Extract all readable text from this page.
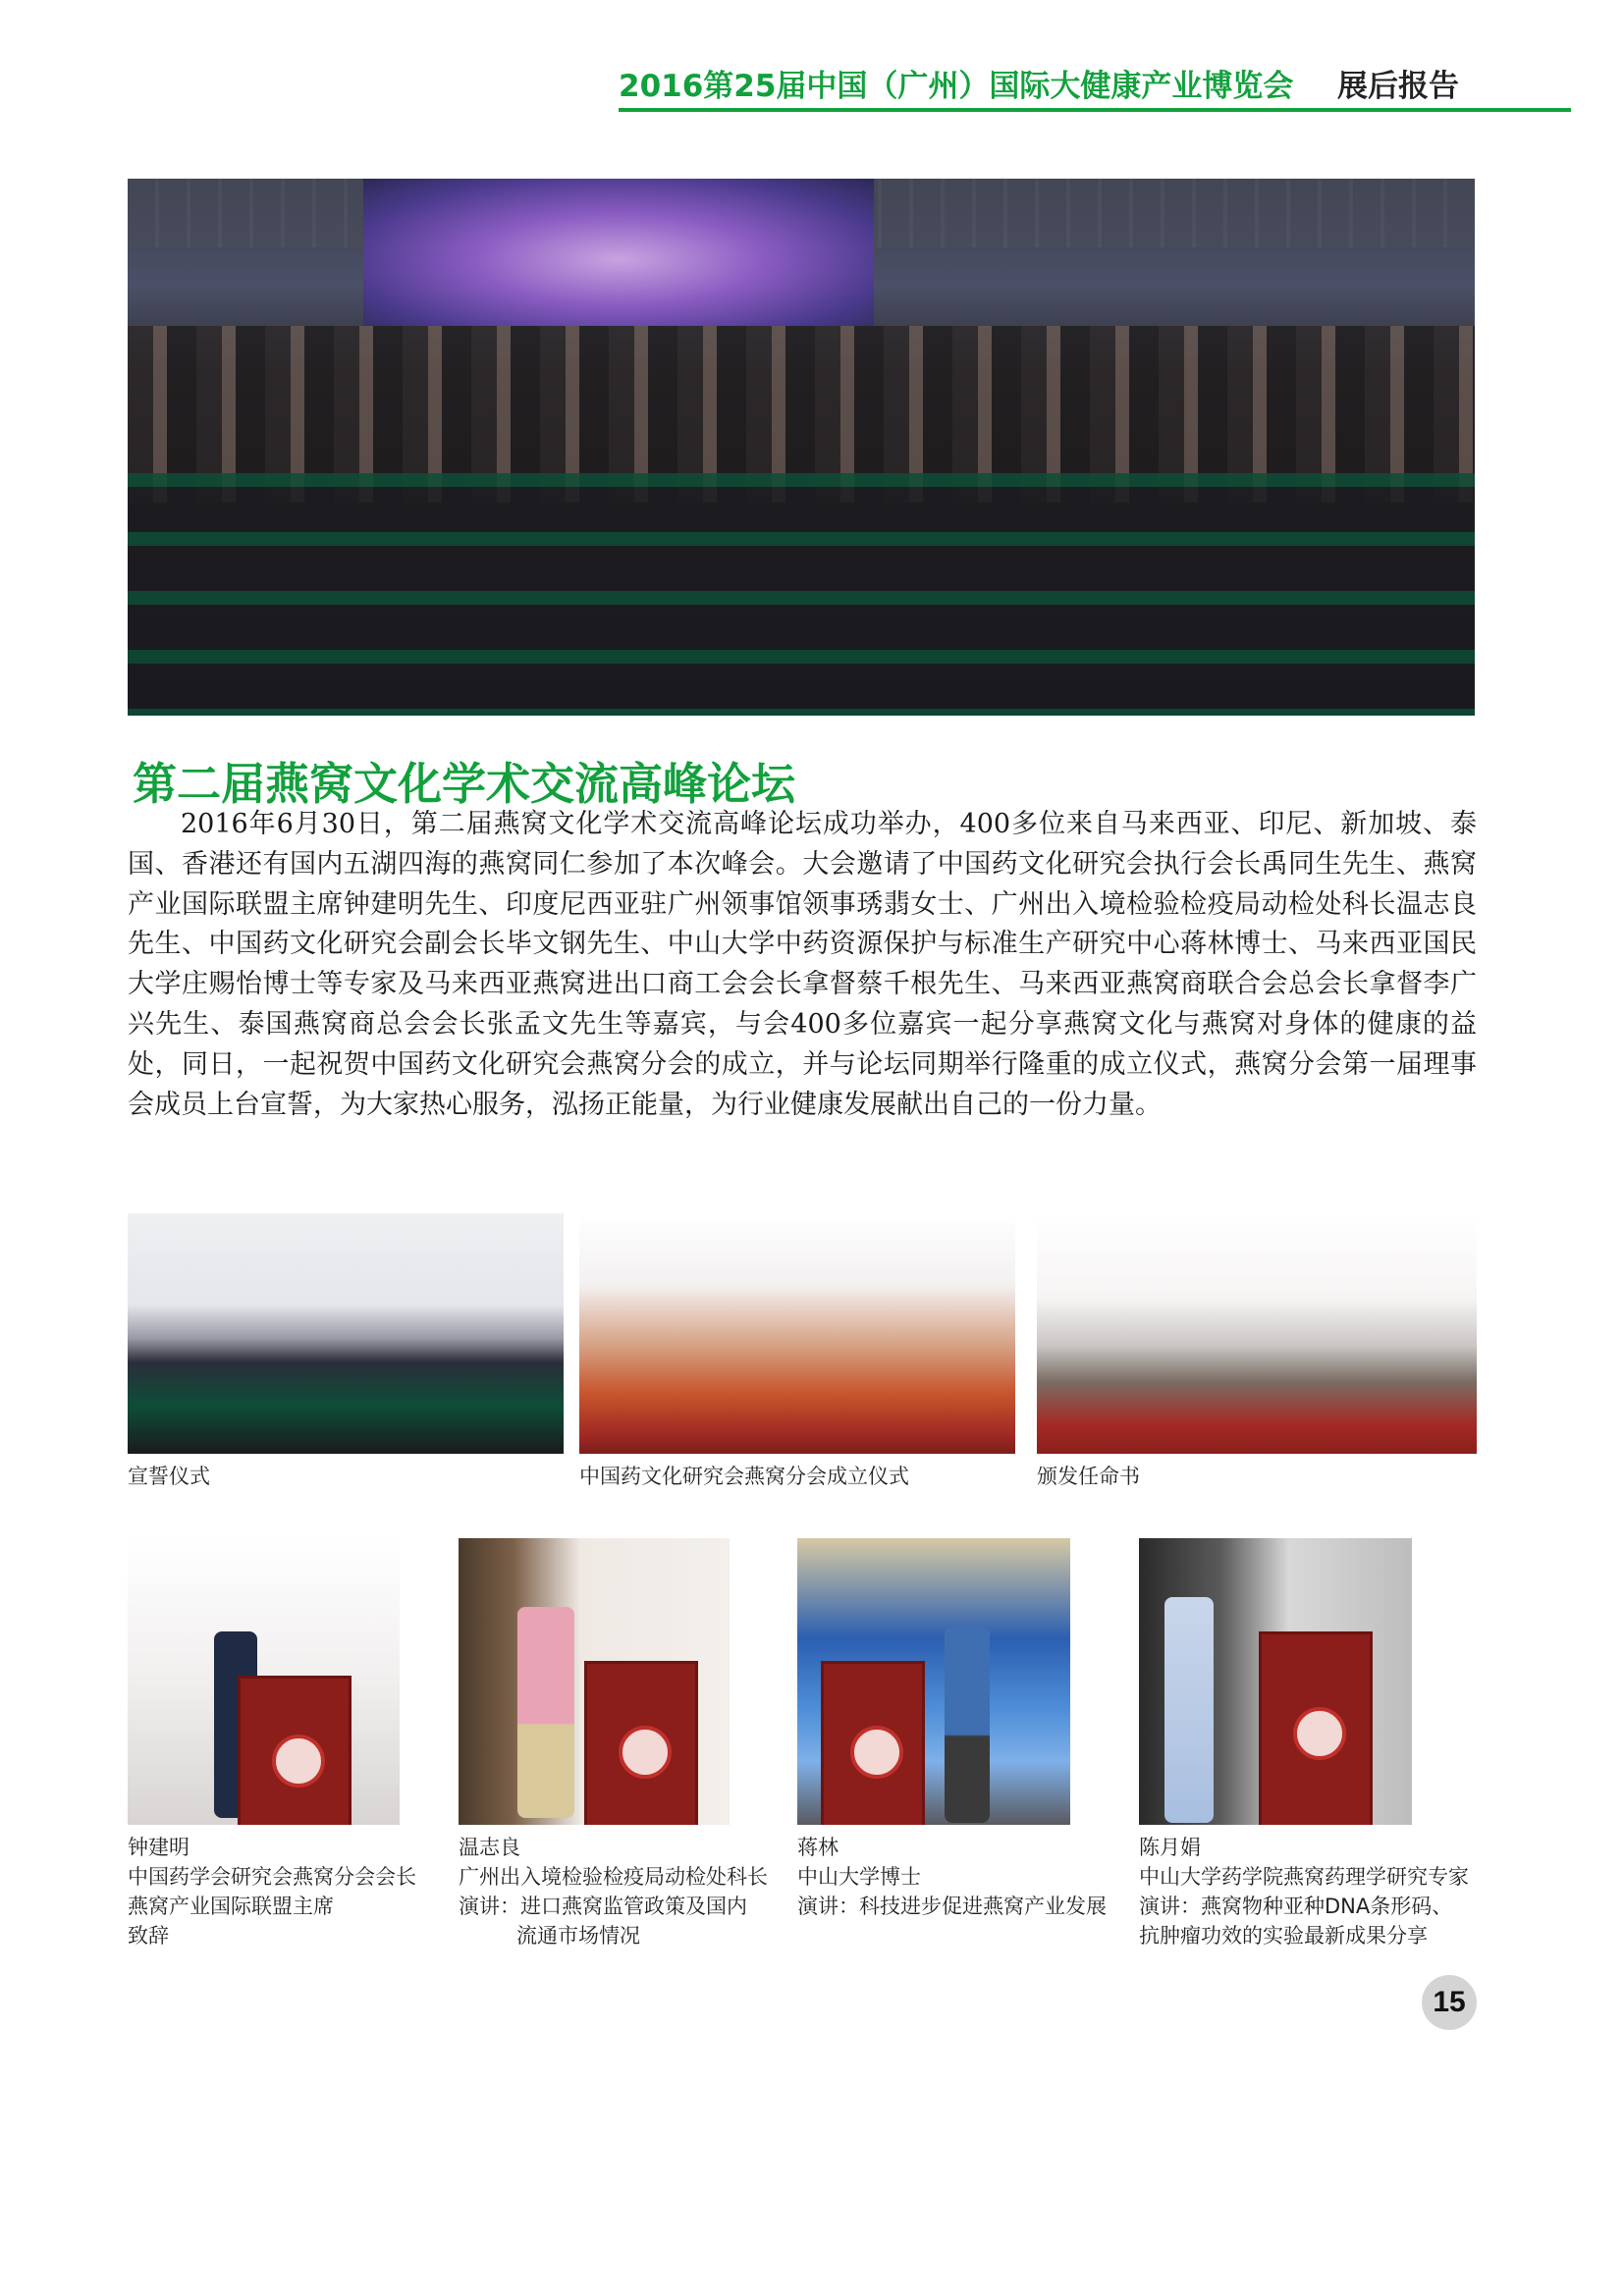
2016第25届中国（广州）国际大健康产业博览会 展后报告
第二届燕窝文化学术交流高峰论坛

2016年6月30日，第二届燕窝文化学术交流高峰论坛成功举办，400多位来自马来西亚、印尼、新加坡、泰国、香港还有国内五湖四海的燕窝同仁参加了本次峰会。大会邀请了中国药文化研究会执行会长禹同生先生、燕窝产业国际联盟主席钟建明先生、印度尼西亚驻广州领事馆领事琇翡女士、广州出入境检验检疫局动检处科长温志良先生、中国药文化研究会副会长毕文钢先生、中山大学中药资源保护与标准生产研究中心蒋林博士、马来西亚国民大学庄赐怡博士等专家及马来西亚燕窝进出口商工会会长拿督蔡千根先生、马来西亚燕窝商联合会总会长拿督李广兴先生、泰国燕窝商总会会长张孟文先生等嘉宾，与会400多位嘉宾一起分享燕窝文化与燕窝对身体的健康的益处，同日，一起祝贺中国药文化研究会燕窝分会的成立，并与论坛同期举行隆重的成立仪式，燕窝分会第一届理事会成员上台宣誓，为大家热心服务，泓扬正能量，为行业健康发展献出自己的一份力量。

宣誓仪式	中国药文化研究会燕窝分会成立仪式	颁发任命书
钟建明
中国药学会研究会燕窝分会会长
燕窝产业国际联盟主席
致辞
温志良
广州出入境检验检疫局动检处科长
演讲：进口燕窝监管政策及国内
流通市场情况
蒋林
中山大学博士
演讲：科技进步促进燕窝产业发展
陈月娟
中山大学药学院燕窝药理学研究专家
演讲：燕窝物种亚种DNA条形码、
抗肿瘤功效的实验最新成果分享
15
